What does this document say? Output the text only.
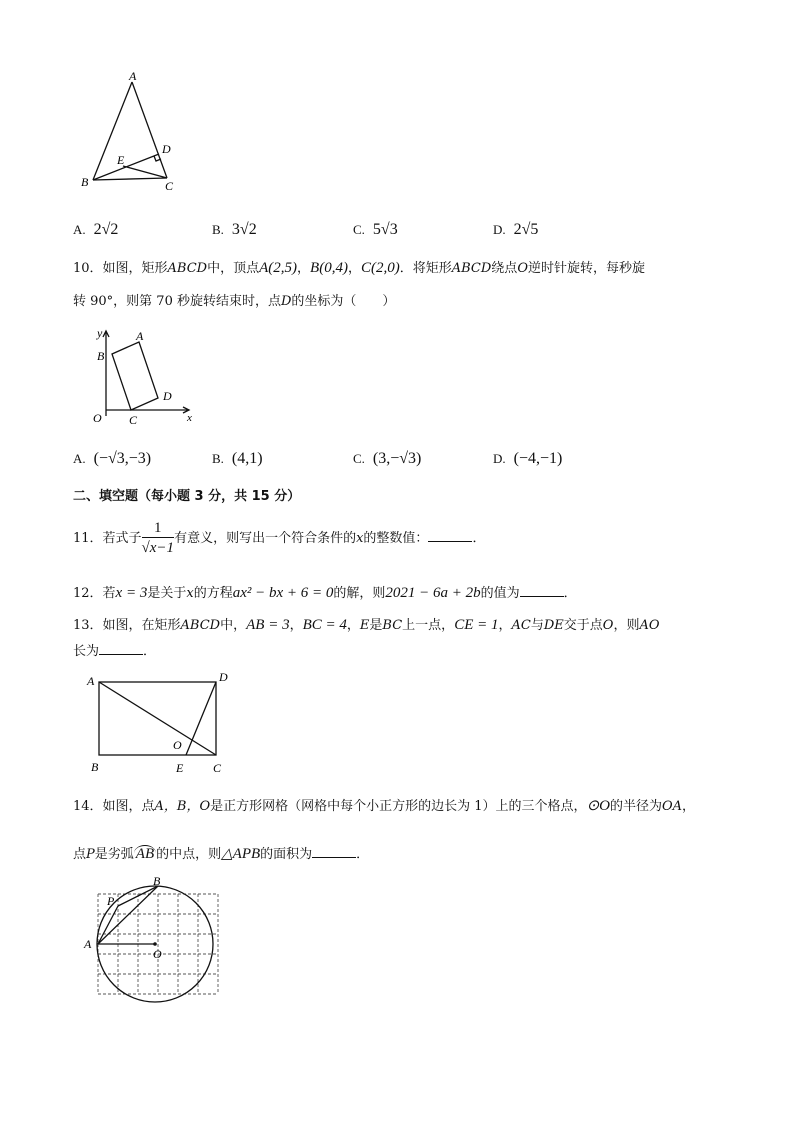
A
D
E
B	C
A. 2√2	B. 3√2	C. 5√3	D. 2√5
10．如图，矩形ABCD中，顶点A(2,5)，B(0,4)，C(2,0)．将矩形ABCD绕点O逆时针旋转，每秒旋
转 90°，则第 70 秒旋转结束时，点D的坐标为（　　）
y	A
B
D
O C	x
A. (−√3,−3)	B. (4,1)	C. (3,−√3)	D. (−4,−1)
二、填空题（每小题 3 分，共 15 分）
11．若式子 $\frac{1}{√x-1}$ 有意义，则写出一个符合条件的x的整数值：	．
12．若x = 3是关于x的方程ax² − bx + 6 = 0的解，则2021 − 6a + 2b的值为	．
13．如图，在矩形ABCD中，AB = 3，BC = 4，E是BC上一点，CE = 1，AC与DE交于点O，则AO
长为	．
A	D
O
B	E C
14．如图，点A，B，O是正方形网格（网格中每个小正方形的边长为 1）上的三个格点，⊙O的半径为OA，
点P是劣弧 AB 的中点，则△APB的面积为	．
B
P
A
O
